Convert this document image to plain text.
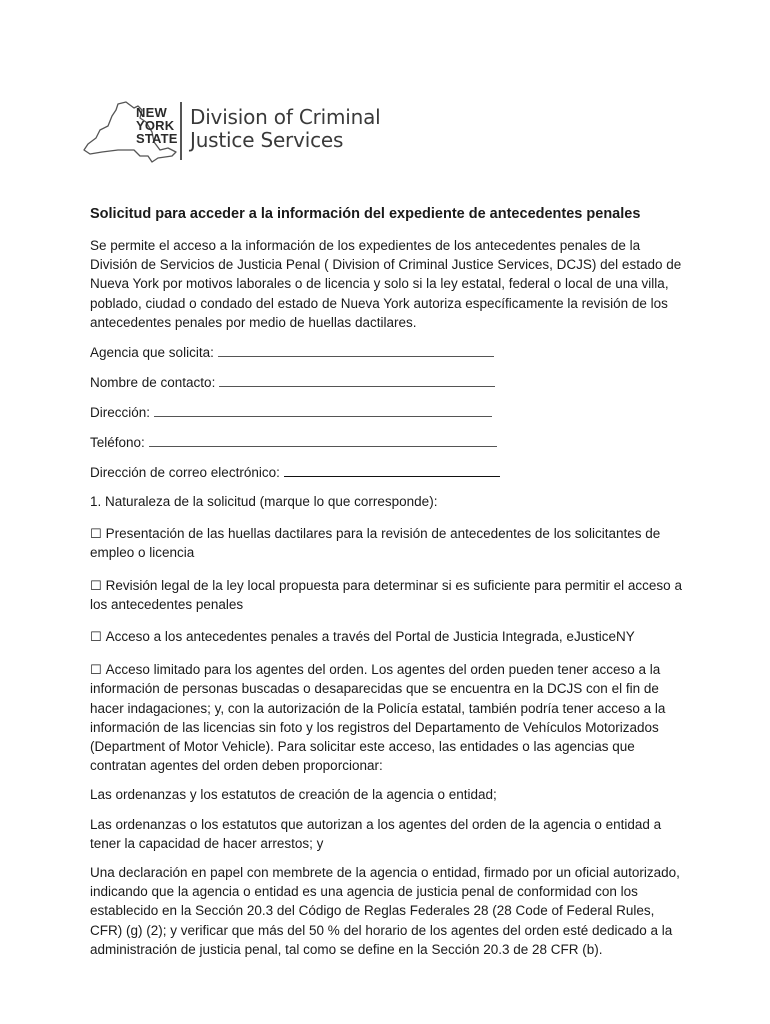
NEW
YORK
STATE
Division of Criminal
Justice Services
Solicitud para acceder a la información del expediente de antecedentes penales

Se permite el acceso a la información de los expedientes de los antecedentes penales de la División de Servicios de Justicia Penal ( Division of Criminal Justice Services, DCJS) del estado de Nueva York por motivos laborales o de licencia y solo si la ley estatal, federal o local de una villa, poblado, ciudad o condado del estado de Nueva York autoriza específicamente la revisión de los antecedentes penales por medio de huellas dactilares.

Agencia que solicita:
Nombre de contacto:
Dirección:
Teléfono:
Dirección de correo electrónico:

1. Naturaleza de la solicitud (marque lo que corresponde):

☐ Presentación de las huellas dactilares para la revisión de antecedentes de los solicitantes de empleo o licencia

☐ Revisión legal de la ley local propuesta para determinar si es suficiente para permitir el acceso a los antecedentes penales

☐ Acceso a los antecedentes penales a través del Portal de Justicia Integrada, eJusticeNY

☐ Acceso limitado para los agentes del orden. Los agentes del orden pueden tener acceso a la información de personas buscadas o desaparecidas que se encuentra en la DCJS con el fin de hacer indagaciones; y, con la autorización de la Policía estatal, también podría tener acceso a la información de las licencias sin foto y los registros del Departamento de Vehículos Motorizados (Department of Motor Vehicle). Para solicitar este acceso, las entidades o las agencias que contratan agentes del orden deben proporcionar:

Las ordenanzas y los estatutos de creación de la agencia o entidad;

Las ordenanzas o los estatutos que autorizan a los agentes del orden de la agencia o entidad a tener la capacidad de hacer arrestos; y

Una declaración en papel con membrete de la agencia o entidad, firmado por un oficial autorizado, indicando que la agencia o entidad es una agencia de justicia penal de conformidad con los establecido en la Sección 20.3 del Código de Reglas Federales 28 (28 Code of Federal Rules, CFR) (g) (2); y verificar que más del 50 % del horario de los agentes del orden esté dedicado a la administración de justicia penal, tal como se define en la Sección 20.3 de 28 CFR (b).
